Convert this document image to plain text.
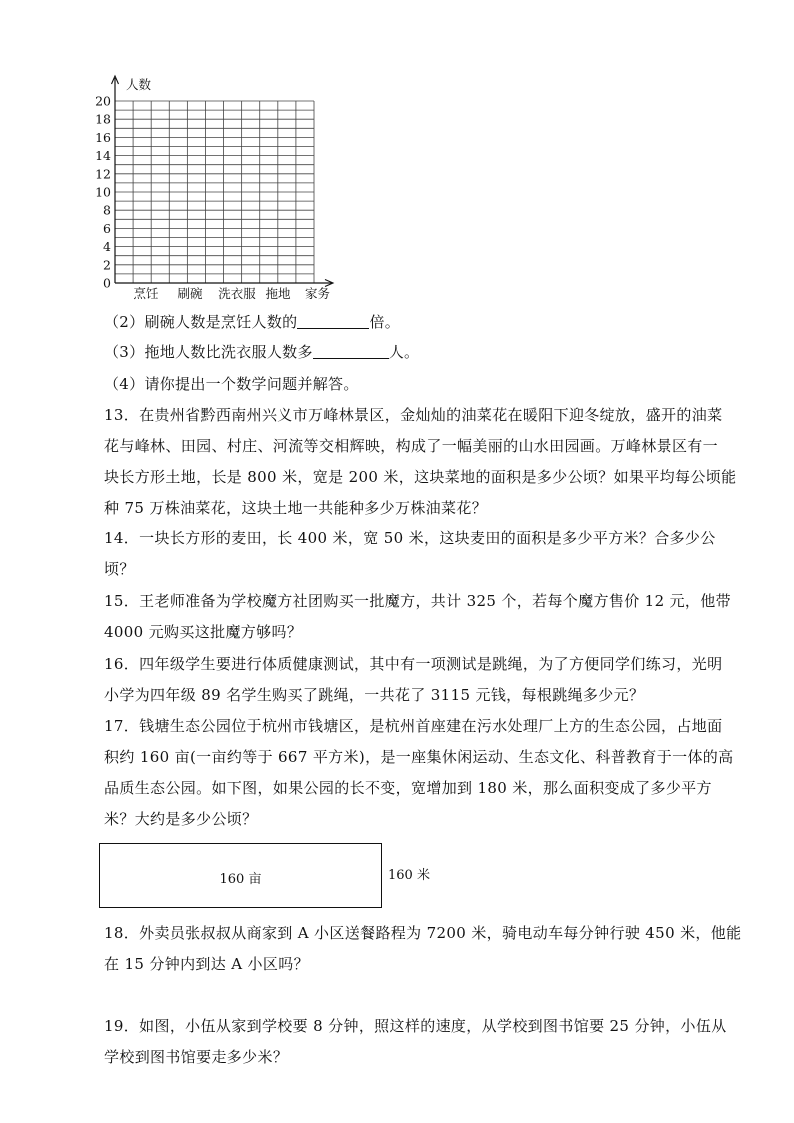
0
2
4
6
8
10
12
14
16
18
20
烹饪 刷碗 洗衣服 拖地
人数
家务
（2）刷碗人数是烹饪人数的	倍。
（3）拖地人数比洗衣服人数多	人。
（4）请你提出一个数学问题并解答。
13．在贵州省黔西南州兴义市万峰林景区，金灿灿的油菜花在暖阳下迎冬绽放，盛开的油菜
花与峰林、田园、村庄、河流等交相辉映，构成了一幅美丽的山水田园画。万峰林景区有一
块长方形土地，长是 800 米，宽是 200 米，这块菜地的面积是多少公顷？如果平均每公顷能
种 75 万株油菜花，这块土地一共能种多少万株油菜花？
14．一块长方形的麦田，长 400 米，宽 50 米，这块麦田的面积是多少平方米？合多少公
顷？
15．王老师准备为学校魔方社团购买一批魔方，共计 325 个，若每个魔方售价 12 元，他带
4000 元购买这批魔方够吗？
16．四年级学生要进行体质健康测试，其中有一项测试是跳绳，为了方便同学们练习，光明
小学为四年级 89 名学生购买了跳绳，一共花了 3115 元钱，每根跳绳多少元？
17．钱塘生态公园位于杭州市钱塘区，是杭州首座建在污水处理厂上方的生态公园，占地面
积约 160 亩(一亩约等于 667 平方米)，是一座集休闲运动、生态文化、科普教育于一体的高
品质生态公园。如下图，如果公园的长不变，宽增加到 180 米，那么面积变成了多少平方
米？大约是多少公顷？
160 亩	160 米
18．外卖员张叔叔从商家到 A 小区送餐路程为 7200 米，骑电动车每分钟行驶 450 米，他能
在 15 分钟内到达 A 小区吗？
19．如图，小伍从家到学校要 8 分钟，照这样的速度，从学校到图书馆要 25 分钟，小伍从
学校到图书馆要走多少米？
